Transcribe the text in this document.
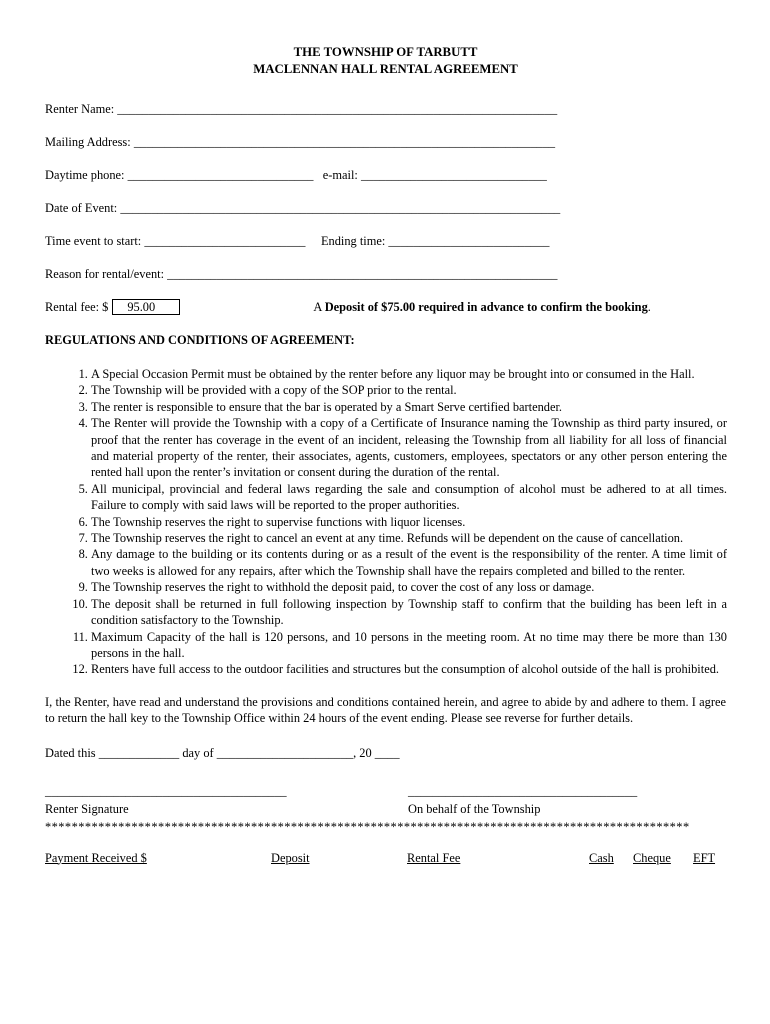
THE TOWNSHIP OF TARBUTT
MACLENNAN HALL RENTAL AGREEMENT
Renter Name: _______________________________________________________________________
Mailing Address: ____________________________________________________________________
Daytime phone: ______________________________ e-mail: ______________________________
Date of Event: _______________________________________________________________________
Time event to start: __________________________ Ending time: __________________________
Reason for rental/event: _______________________________________________________________
Rental fee: $	95.00	A Deposit of $75.00 required in advance to confirm the booking.
REGULATIONS AND CONDITIONS OF AGREEMENT:
1. A Special Occasion Permit must be obtained by the renter before any liquor may be brought into or consumed in the Hall.
2. The Township will be provided with a copy of the SOP prior to the rental.
3. The renter is responsible to ensure that the bar is operated by a Smart Serve certified bartender.
4. The Renter will provide the Township with a copy of a Certificate of Insurance naming the Township as third party insured, or proof that the renter has coverage in the event of an incident, releasing the Township from all liability for all loss of financial and material property of the renter, their associates, agents, customers, employees, spectators or any other person entering the rented hall upon the renter’s invitation or consent during the duration of the rental.
5. All municipal, provincial and federal laws regarding the sale and consumption of alcohol must be adhered to at all times. Failure to comply with said laws will be reported to the proper authorities.
6. The Township reserves the right to supervise functions with liquor licenses.
7. The Township reserves the right to cancel an event at any time. Refunds will be dependent on the cause of cancellation.
8. Any damage to the building or its contents during or as a result of the event is the responsibility of the renter. A time limit of two weeks is allowed for any repairs, after which the Township shall have the repairs completed and billed to the renter.
9. The Township reserves the right to withhold the deposit paid, to cover the cost of any loss or damage.
10. The deposit shall be returned in full following inspection by Township staff to confirm that the building has been left in a condition satisfactory to the Township.
11. Maximum Capacity of the hall is 120 persons, and 10 persons in the meeting room. At no time may there be more than 130 persons in the hall.
12. Renters have full access to the outdoor facilities and structures but the consumption of alcohol outside of the hall is prohibited.
I, the Renter, have read and understand the provisions and conditions contained herein, and agree to abide by and adhere to them. I agree to return the hall key to the Township Office within 24 hours of the event ending. Please see reverse for further details.
Dated this _____________ day of ______________________, 20 ____
_______________________________________
Renter Signature
_____________________________________
On behalf of the Township
*************************************************************************************************
Payment Received $	Deposit	Rental Fee	Cash Cheque EFT
